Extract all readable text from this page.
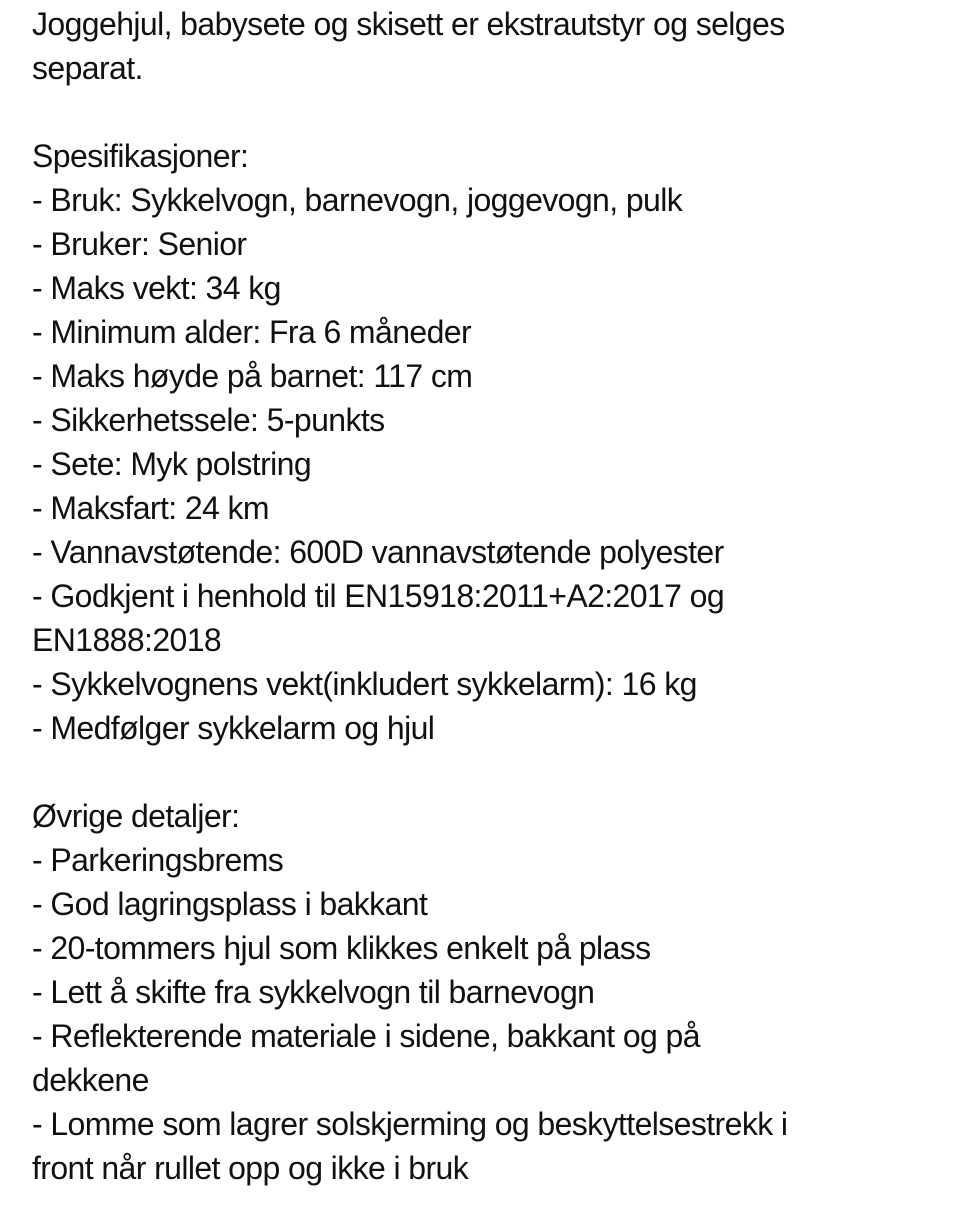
Joggehjul, babysete og skisett er ekstrautstyr og selges
separat.
Spesifikasjoner:
- Bruk: Sykkelvogn, barnevogn, joggevogn, pulk
- Bruker: Senior
- Maks vekt: 34 kg
- Minimum alder: Fra 6 måneder
- Maks høyde på barnet: 117 cm
- Sikkerhetssele: 5-punkts
- Sete: Myk polstring
- Maksfart: 24 km
- Vannavstøtende: 600D vannavstøtende polyester
- Godkjent i henhold til EN15918:2011+A2:2017 og
EN1888:2018
- Sykkelvognens vekt(inkludert sykkelarm): 16 kg
- Medfølger sykkelarm og hjul
Øvrige detaljer:
- Parkeringsbrems
- God lagringsplass i bakkant
- 20-tommers hjul som klikkes enkelt på plass
- Lett å skifte fra sykkelvogn til barnevogn
- Reflekterende materiale i sidene, bakkant og på
dekkene
- Lomme som lagrer solskjerming og beskyttelsestrekk i
front når rullet opp og ikke i bruk
